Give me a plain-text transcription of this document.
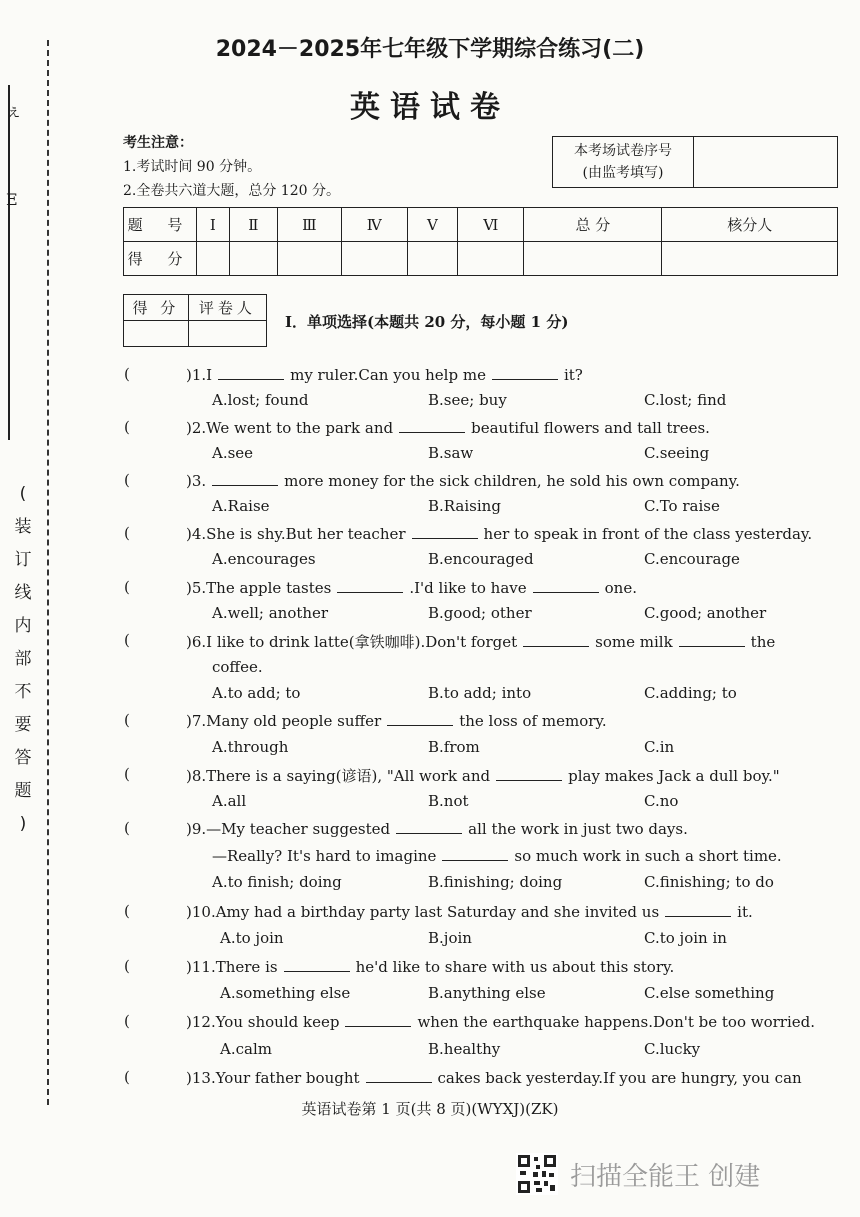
ぇ
E
(
装
订
线
内
部
不
要
答
题
)
2024－2025年七年级下学期综合练习(二)
英语试卷
考生注意：
1.考试时间 90 分钟。
2.全卷共六道大题，总分 120 分。
本考场试卷序号
(由监考填写)
题 号	Ⅰ	Ⅱ	Ⅲ	Ⅳ	Ⅴ	Ⅵ	总 分	核分人
得 分								
得 分	评卷人

Ⅰ．单项选择(本题共 20 分，每小题 1 分)
(	)1.I	my ruler.Can you help me	it?
A.lost; found	B.see; buy	C.lost; find
(	)2.We went to the park and	beautiful flowers and tall trees.
A.see	B.saw	C.seeing
(	)3.	more money for the sick children, he sold his own company.
A.Raise	B.Raising	C.To raise
(	)4.She is shy.But her teacher	her to speak in front of the class yesterday.
A.encourages	B.encouraged	C.encourage
(	)5.The apple tastes	.I'd like to have	one.
A.well; another	B.good; other	C.good; another
(	)6.I like to drink latte(拿铁咖啡).Don't forget	some milk	the
coffee.
A.to add; to	B.to add; into	C.adding; to
(	)7.Many old people suffer	the loss of memory.
A.through	B.from	C.in
(	)8.There is a saying(谚语), "All work and	play makes Jack a dull boy."
A.all	B.not	C.no
(	)9.—My teacher suggested	all the work in just two days.
—Really? It's hard to imagine	so much work in such a short time.
A.to finish; doing	B.finishing; doing	C.finishing; to do
(	)10.Amy had a birthday party last Saturday and she invited us	it.
A.to join	B.join	C.to join in
(	)11.There is	he'd like to share with us about this story.
A.something else	B.anything else	C.else something
(	)12.You should keep	when the earthquake happens.Don't be too worried.
A.calm	B.healthy	C.lucky
(	)13.Your father bought	cakes back yesterday.If you are hungry, you can
英语试卷第 1 页(共 8 页)(WYXJ)(ZK)
扫描全能王 创建
